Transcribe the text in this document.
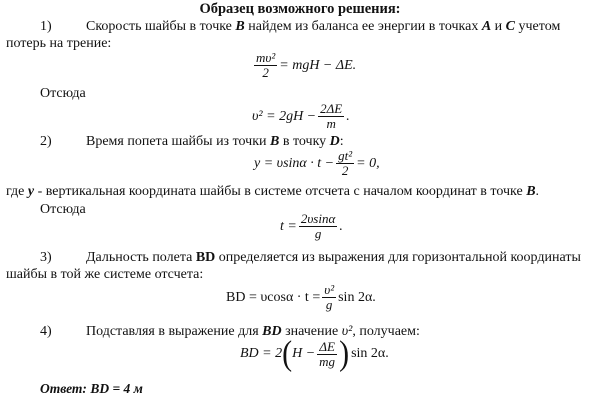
Образец возможного решения:
1) Скорость шайбы в точке B найдем из баланса ее энергии в точках A и C учетом
потерь на трение:
$\frac{\text{mυ²}}{2}$ = mgH − ΔE.
Отсюда
$\upsilon^2 = 2gH - \frac{2\Delta E}{m}$ .
2) Время попета шайбы из точки B в точку D:
$y = \upsilon\sin\alpha \cdot t - \frac{\text{gt²}}{2} = 0$,
где y - вертикальная координата шайбы в системе отсчета с началом координат в точке B.
Отсюда
$t = \frac{2\upsilon\sin\alpha}{g}$ .
3) Дальность полета BD определяется из выражения для горизонтальной координаты
шайбы в той же системе отсчета:
BD = $\upsilon\cos\alpha \cdot t = \frac{\text{υ²}}{g}$ sin 2α.
4) Подставляя в выражение для BD значение υ², получаем:
BD = 2 ( $H - \frac{\Delta E}{mg}$ ) sin 2α.
Ответ: BD = 4 м
